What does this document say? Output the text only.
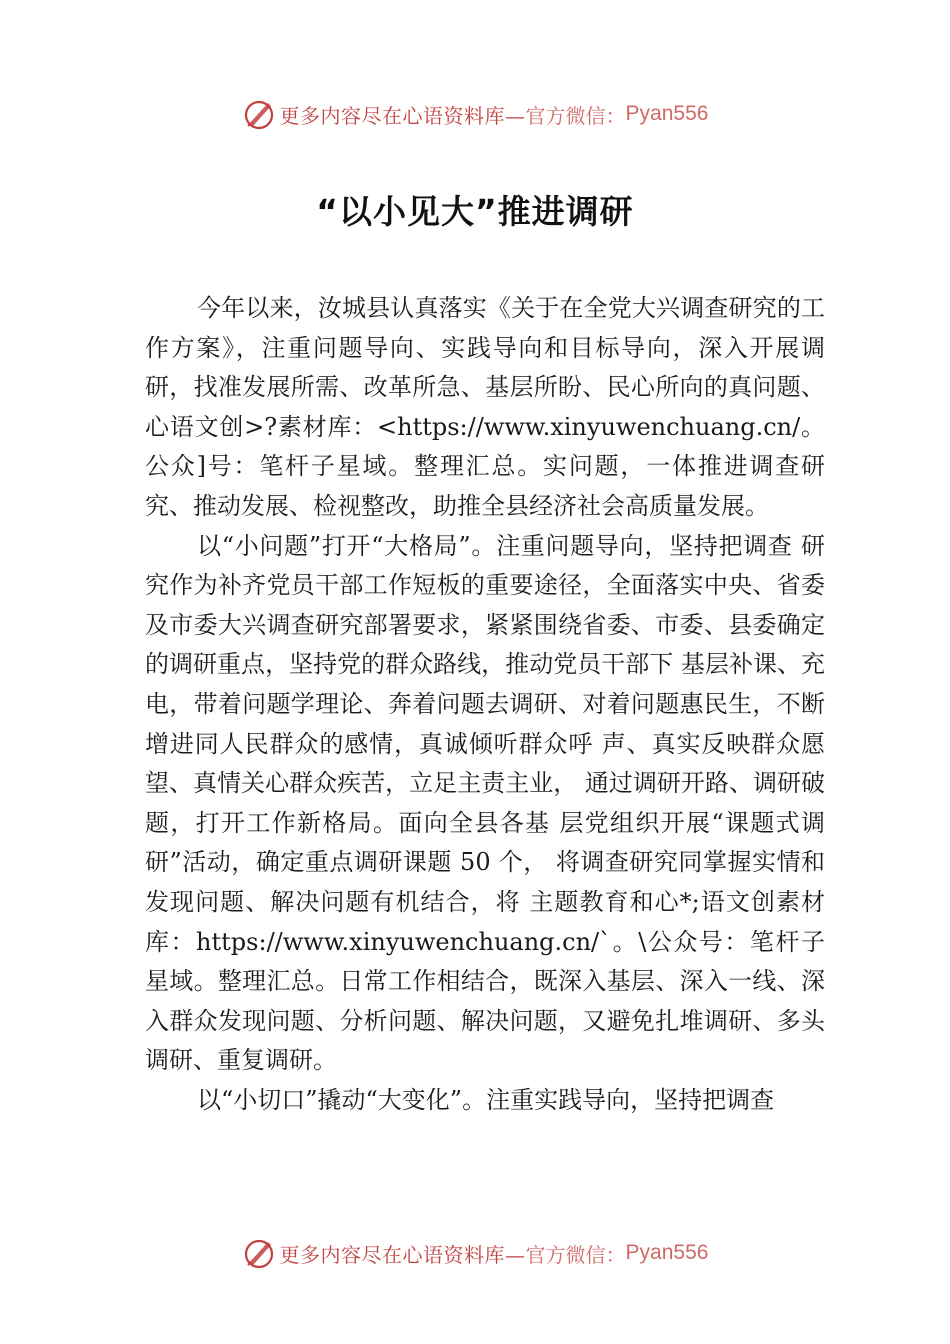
更多内容尽在心语资料库— 官方微信： Pyan556
“以小见大”推进调研

今年以来，汝城县认真落实《关于在全党大兴调查研究的工作方案》，注重问题导向、实践导向和目标导向，深入开展调研，找准发展所需、改革所急、基层所盼、民心所向的真问题、心语文创>?素材库：<https://www.xinyuwenchuang.cn/。公众]号：笔杆子星域。整理汇总。实问题，一体推进调查研究、推动发展、检视整改，助推全县经济社会高质量发展。

以“小问题”打开“大格局”。注重问题导向，坚持把调查 研究作为补齐党员干部工作短板的重要途径，全面落实中央、省委及市委大兴调查研究部署要求，紧紧围绕省委、市委、县委确定的调研重点，坚持党的群众路线，推动党员干部下 基层补课、充电，带着问题学理论、奔着问题去调研、对着问题惠民生，不断增进同人民群众的感情，真诚倾听群众呼 声、真实反映群众愿望、真情关心群众疾苦，立足主责主业， 通过调研开路、调研破题，打开工作新格局。面向全县各基 层党组织开展“课题式调研”活动，确定重点调研课题 50 个， 将调查研究同掌握实情和发现问题、解决问题有机结合，将 主题教育和心*;语文创素材库：https://www.xinyuwenchuang.cn/`。\公众号：笔杆子星域。整理汇总。日常工作相结合，既深入基层、深入一线、深入群众发现问题、分析问题、解决问题，又避免扎堆调研、多头调研、重复调研。

以“小切口”撬动“大变化”。注重实践导向，坚持把调查

更多内容尽在心语资料库— 官方微信： Pyan556
